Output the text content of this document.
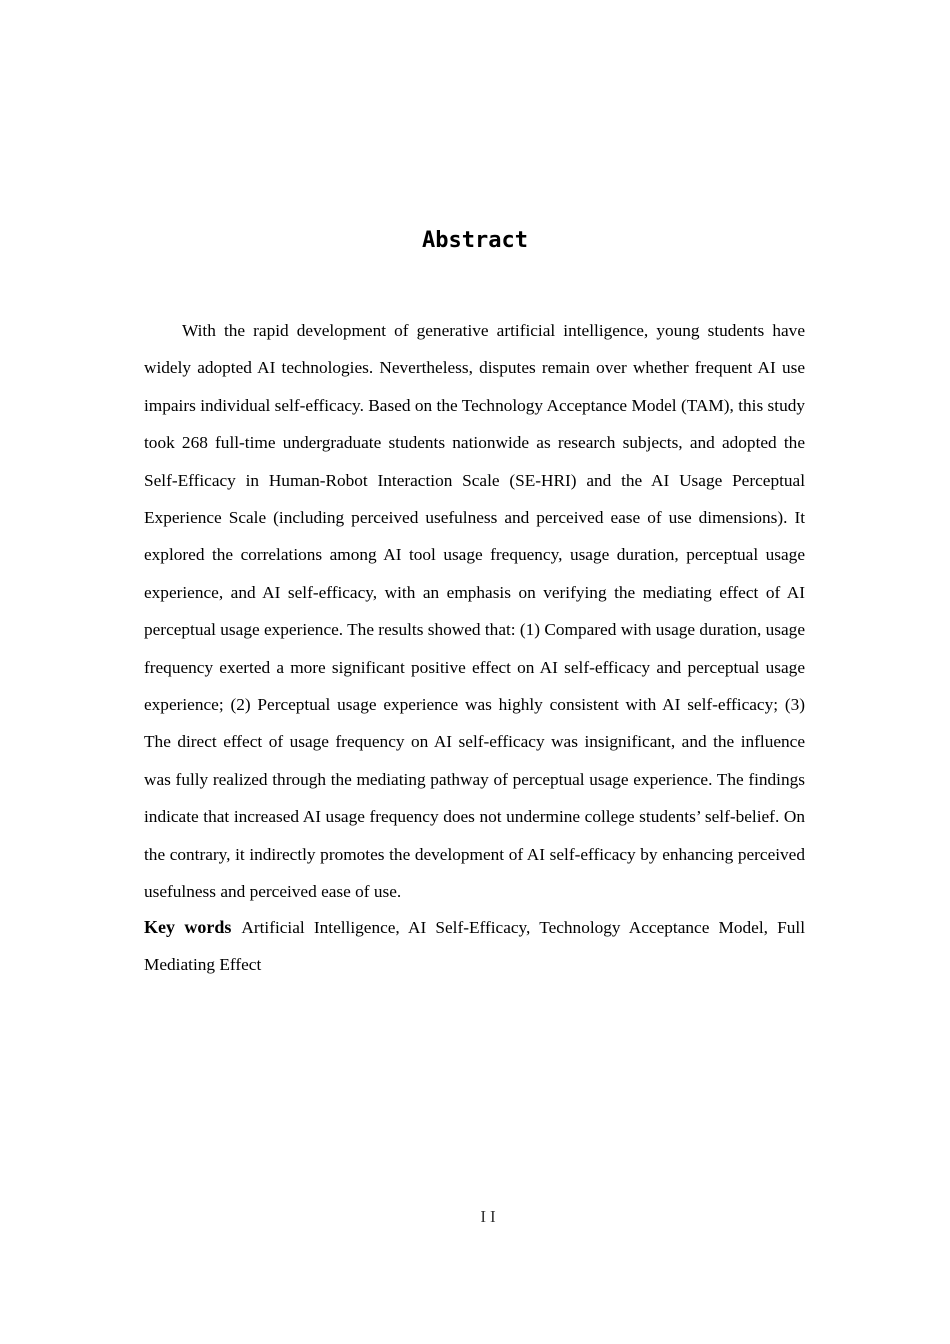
Abstract

With the rapid development of generative artificial intelligence, young students have widely adopted AI technologies. Nevertheless, disputes remain over whether frequent AI use impairs individual self-efficacy. Based on the Technology Acceptance Model (TAM), this study took 268 full-time undergraduate students nationwide as research subjects, and adopted the Self-Efficacy in Human-Robot Interaction Scale (SE-HRI) and the AI Usage Perceptual Experience Scale (including perceived usefulness and perceived ease of use dimensions). It explored the correlations among AI tool usage frequency, usage duration, perceptual usage experience, and AI self-efficacy, with an emphasis on verifying the mediating effect of AI perceptual usage experience. The results showed that: (1) Compared with usage duration, usage frequency exerted a more significant positive effect on AI self-efficacy and perceptual usage experience; (2) Perceptual usage experience was highly consistent with AI self-efficacy; (3) The direct effect of usage frequency on AI self-efficacy was insignificant, and the influence was fully realized through the mediating pathway of perceptual usage experience. The findings indicate that increased AI usage frequency does not undermine college students’ self-belief. On the contrary, it indirectly promotes the development of AI self-efficacy by enhancing perceived usefulness and perceived ease of use.

Key words Artificial Intelligence, AI Self-Efficacy, Technology Acceptance Model, Full Mediating Effect

II
